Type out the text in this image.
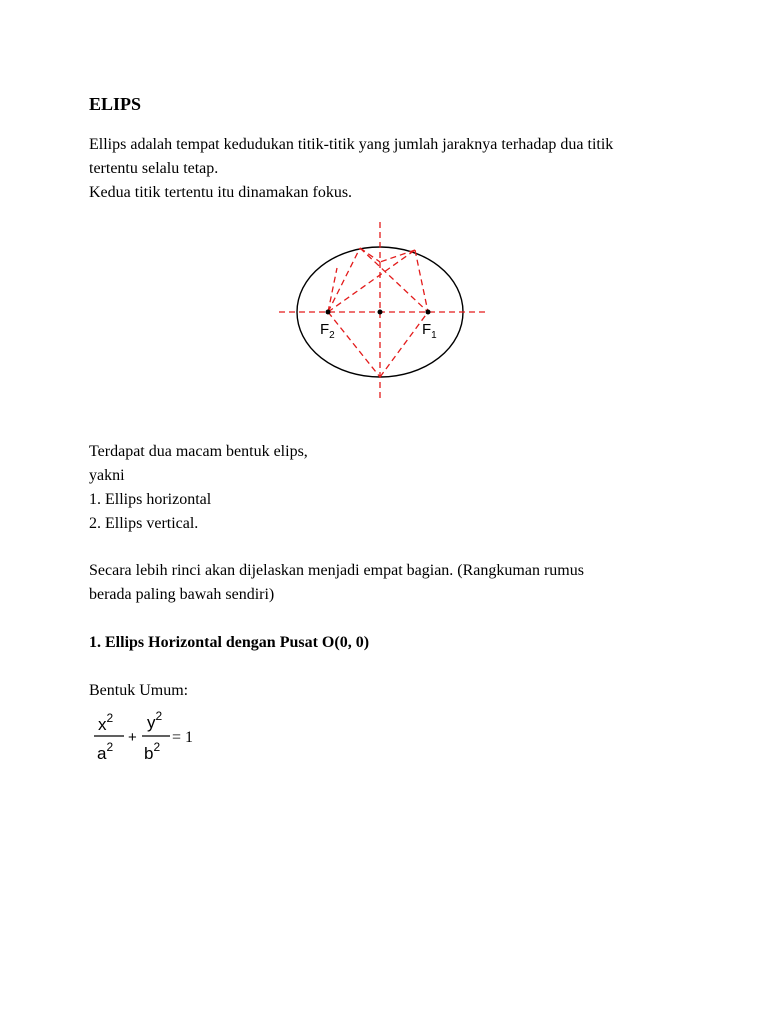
ELIPS

Ellips adalah tempat kedudukan titik-titik yang jumlah jaraknya terhadap dua titik
tertentu selalu tetap.
Kedua titik tertentu itu dinamakan fokus.

$F_2$	$F_1$

Terdapat dua macam bentuk elips,
yakni
1. Ellips horizontal
2. Ellips vertical.

Secara lebih rinci akan dijelaskan menjadi empat bagian. (Rangkuman rumus
berada paling bawah sendiri)

1. Ellips Horizontal dengan Pusat O(0, 0)

Bentuk Umum:

$x^2$
$a^2$
+
$y^2$
$b^2$
= 1
